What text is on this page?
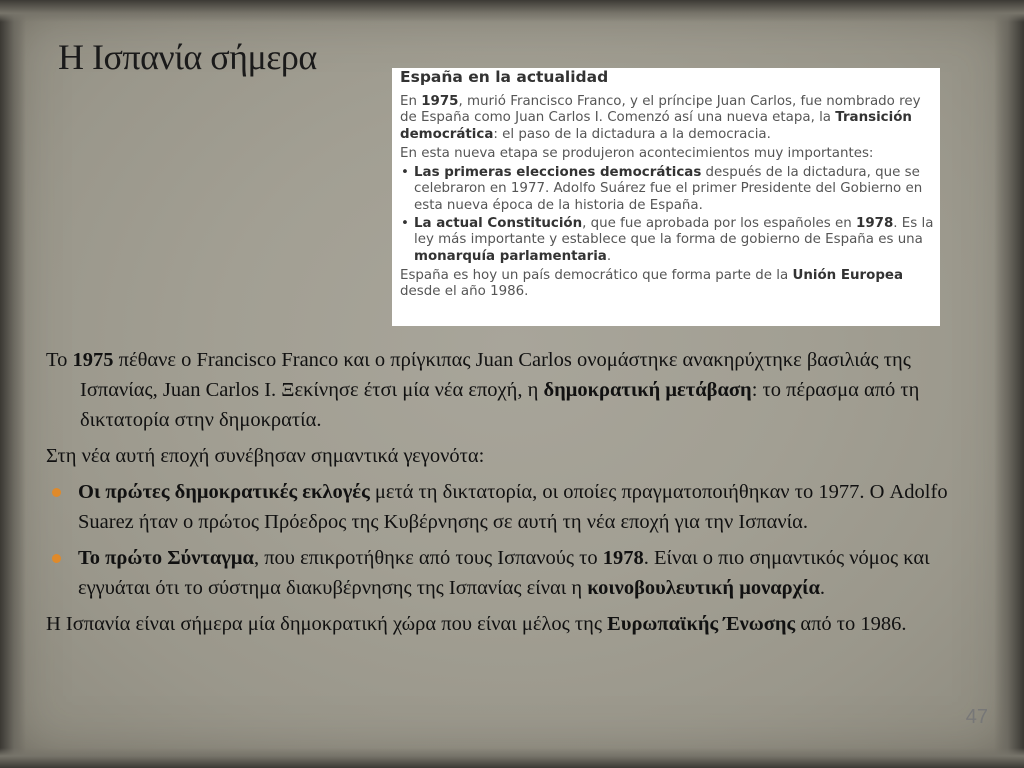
Η Ισπανία σήμερα	España en la actualidad

En 1975, murió Francisco Franco, y el príncipe Juan Carlos, fue nombrado rey de España como Juan Carlos I. Comenzó así una nueva etapa, la Transición democrática: el paso de la dictadura a la democracia.

En esta nueva etapa se produjeron acontecimientos muy importantes:

• Las primeras elecciones democráticas después de la dictadura, que se celebraron en 1977. Adolfo Suárez fue el primer Presidente del Gobierno en esta nueva época de la historia de España.
• La actual Constitución, que fue aprobada por los españoles en 1978. Es la ley más importante y establece que la forma de gobierno de España es una monarquía parlamentaria.

España es hoy un país democrático que forma parte de la Unión Europea desde el año 1986.

Το 1975 πέθανε ο Francisco Franco και ο πρίγκιπας Juan Carlos ονομάστηκε ανακηρύχτηκε βασιλιάς της Ισπανίας, Juan Carlos I. Ξεκίνησε έτσι μία νέα εποχή, η δημοκρατική μετάβαση: το πέρασμα από τη δικτατορία στην δημοκρατία.

Στη νέα αυτή εποχή συνέβησαν σημαντικά γεγονότα:

Οι πρώτες δημοκρατικές εκλογές μετά τη δικτατορία, οι οποίες πραγματοποιήθηκαν το 1977. Ο Adolfo Suarez ήταν ο πρώτος Πρόεδρος της Κυβέρνησης σε αυτή τη νέα εποχή για την Ισπανία.
Το πρώτο Σύνταγμα, που επικροτήθηκε από τους Ισπανούς το 1978. Είναι ο πιο σημαντικός νόμος και εγγυάται ότι το σύστημα διακυβέρνησης της Ισπανίας είναι η κοινοβουλευτική μοναρχία.

Η Ισπανία είναι σήμερα μία δημοκρατική χώρα που είναι μέλος της Ευρωπαϊκής Ένωσης από το 1986.

47
